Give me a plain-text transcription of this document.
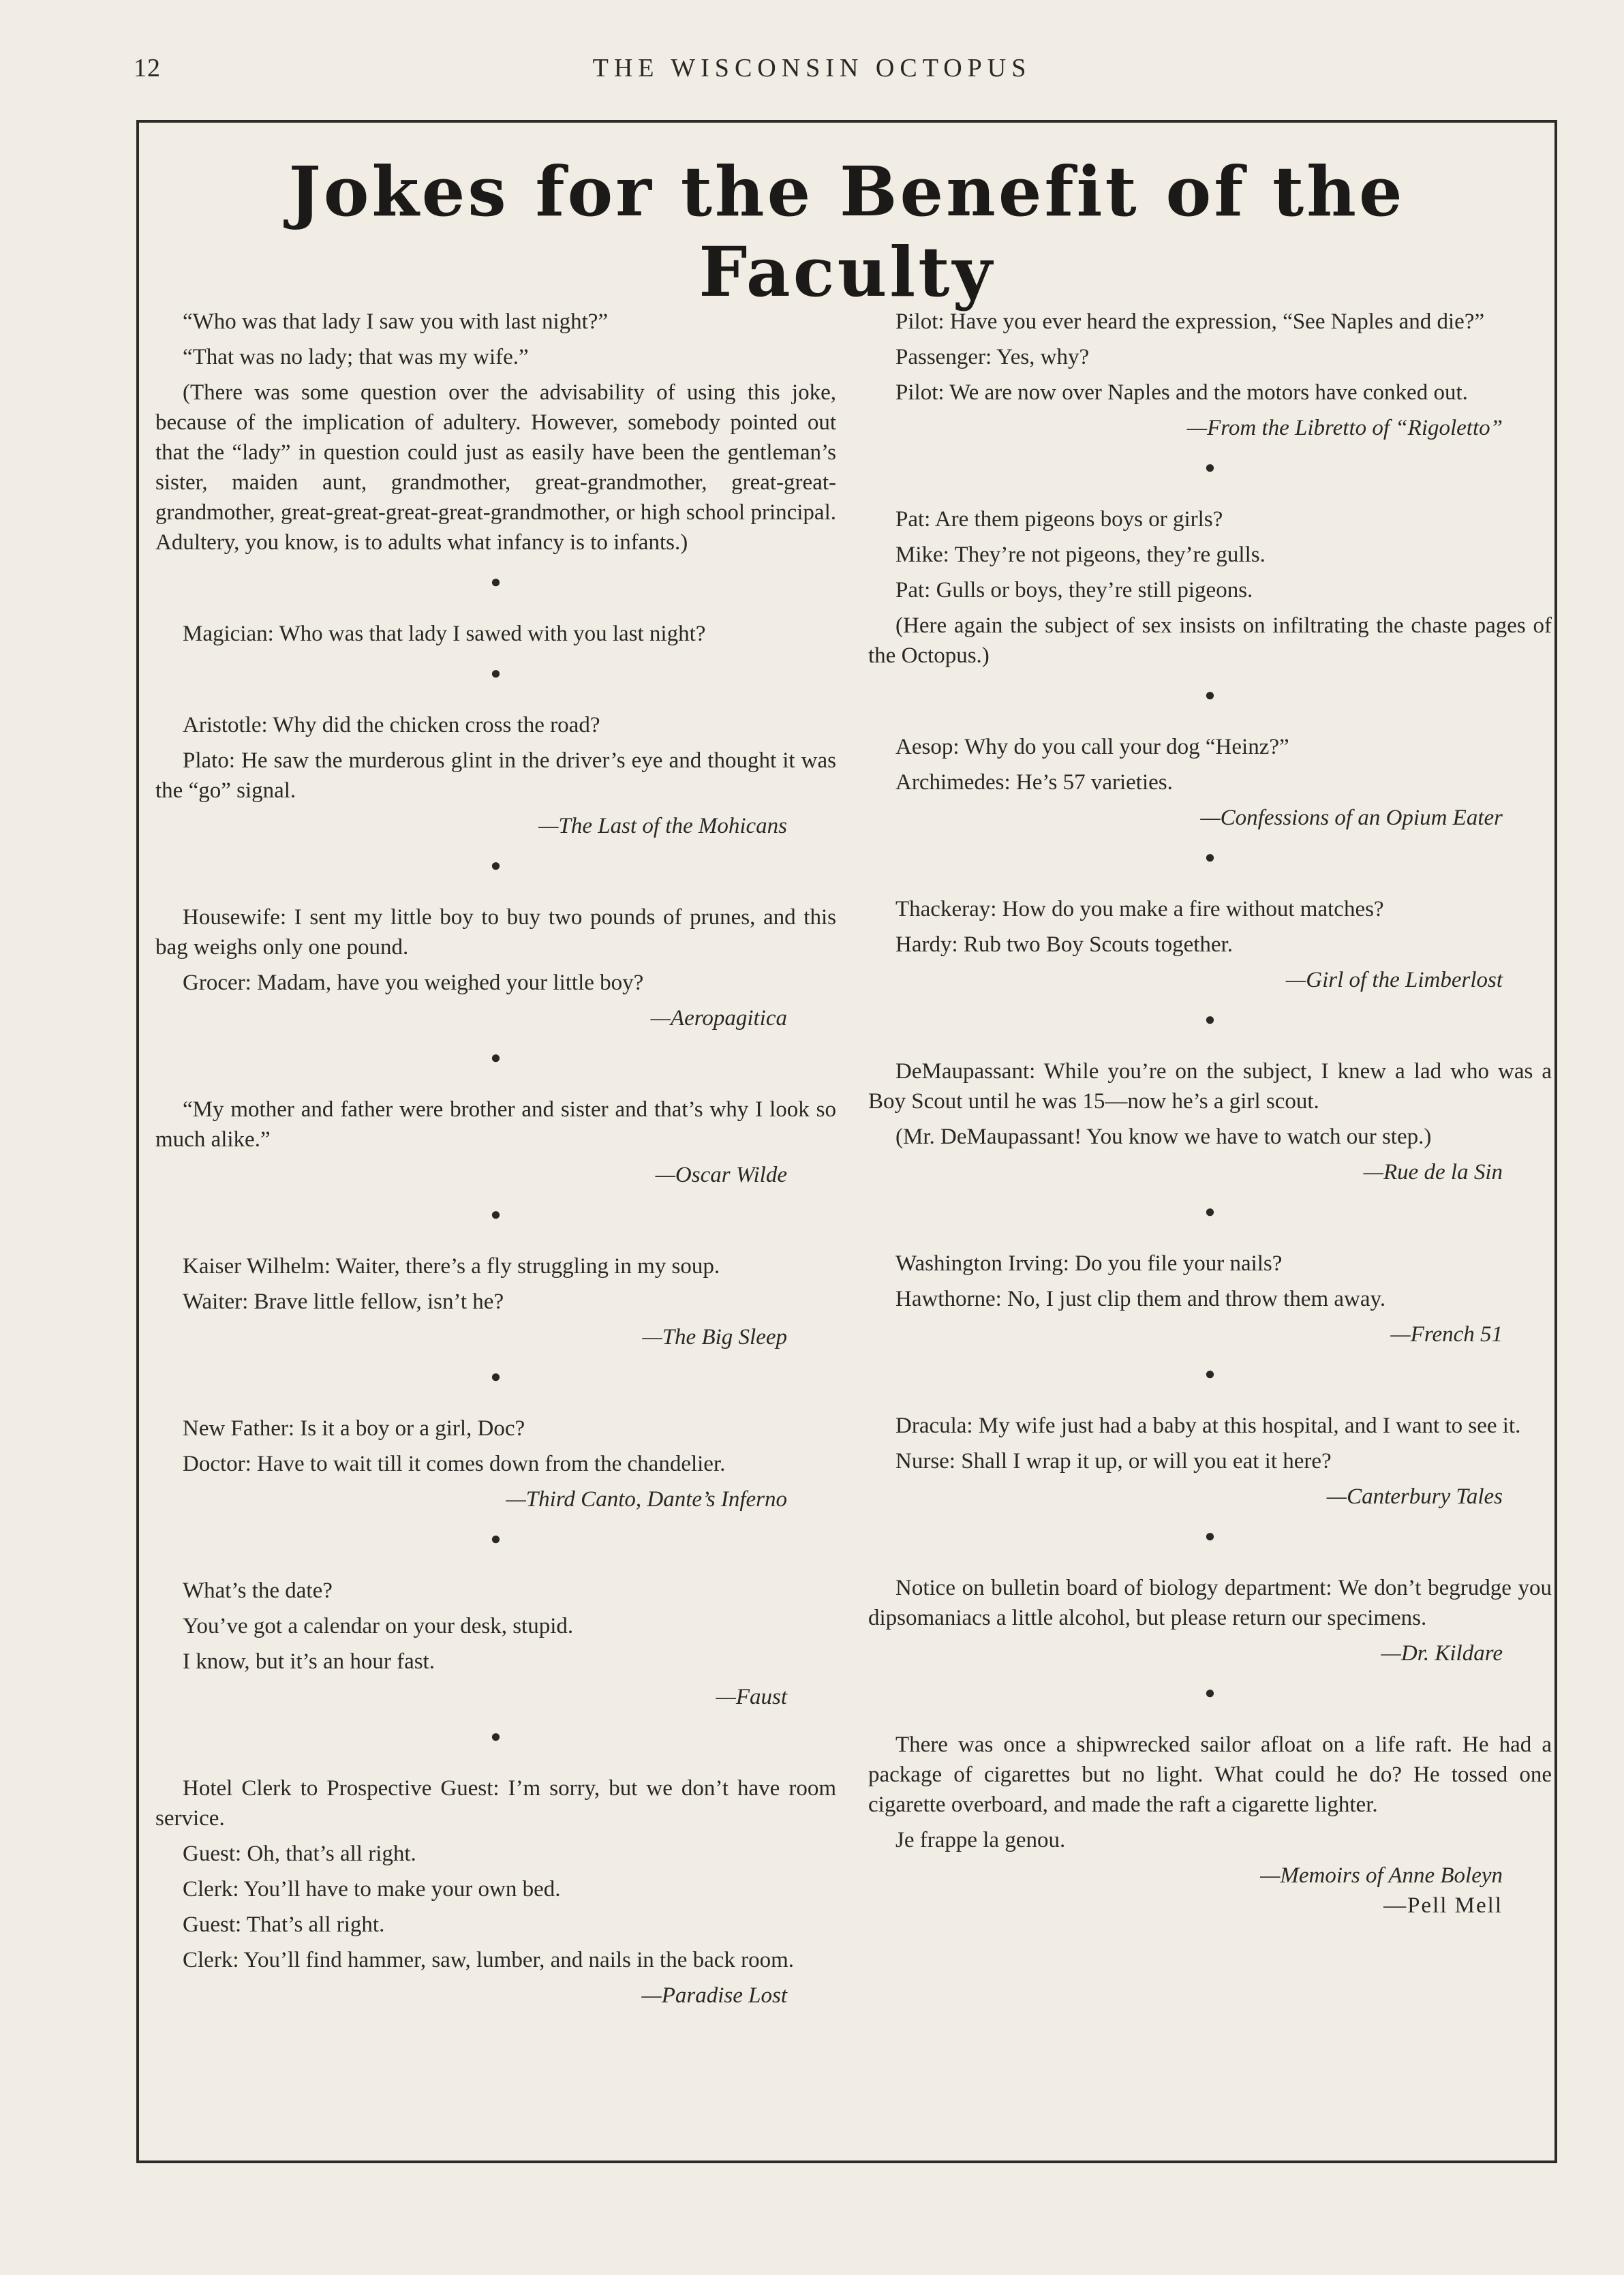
12	THE WISCONSIN OCTOPUS
Jokes for the Benefit of the Faculty

“Who was that lady I saw you with last night?”

“That was no lady; that was my wife.”

(There was some question over the advisability of using this joke, because of the implication of adultery. However, somebody pointed out that the “lady” in question could just as easily have been the gentleman’s sister, maiden aunt, grandmother, great-grandmother, great-great-grandmother, great-great-great-great-grandmother, or high school principal. Adultery, you know, is to adults what infancy is to infants.)

●

Magician: Who was that lady I sawed with you last night?

●

Aristotle: Why did the chicken cross the road?

Plato: He saw the murderous glint in the driver’s eye and thought it was the “go” signal.

—The Last of the Mohicans

●

Housewife: I sent my little boy to buy two pounds of prunes, and this bag weighs only one pound.

Grocer: Madam, have you weighed your little boy?

—Aeropagitica

●

“My mother and father were brother and sister and that’s why I look so much alike.”

—Oscar Wilde

●

Kaiser Wilhelm: Waiter, there’s a fly struggling in my soup.

Waiter: Brave little fellow, isn’t he?

—The Big Sleep

●

New Father: Is it a boy or a girl, Doc?

Doctor: Have to wait till it comes down from the chandelier.

—Third Canto, Dante’s Inferno

●

What’s the date?

You’ve got a calendar on your desk, stupid.

I know, but it’s an hour fast.

—Faust

●

Hotel Clerk to Prospective Guest: I’m sorry, but we don’t have room service.

Guest: Oh, that’s all right.

Clerk: You’ll have to make your own bed.

Guest: That’s all right.

Clerk: You’ll find hammer, saw, lumber, and nails in the back room.

—Paradise Lost

Pilot: Have you ever heard the expression, “See Naples and die?”

Passenger: Yes, why?

Pilot: We are now over Naples and the motors have conked out.

—From the Libretto of “Rigoletto”

●

Pat: Are them pigeons boys or girls?

Mike: They’re not pigeons, they’re gulls.

Pat: Gulls or boys, they’re still pigeons.

(Here again the subject of sex insists on infiltrating the chaste pages of the Octopus.)

●

Aesop: Why do you call your dog “Heinz?”

Archimedes: He’s 57 varieties.

—Confessions of an Opium Eater

●

Thackeray: How do you make a fire without matches?

Hardy: Rub two Boy Scouts together.

—Girl of the Limberlost

●

DeMaupassant: While you’re on the subject, I knew a lad who was a Boy Scout until he was 15—now he’s a girl scout.

(Mr. DeMaupassant! You know we have to watch our step.)

—Rue de la Sin

●

Washington Irving: Do you file your nails?

Hawthorne: No, I just clip them and throw them away.

—French 51

●

Dracula: My wife just had a baby at this hospital, and I want to see it.

Nurse: Shall I wrap it up, or will you eat it here?

—Canterbury Tales

●

Notice on bulletin board of biology department: We don’t begrudge you dipsomaniacs a little alcohol, but please return our specimens.

—Dr. Kildare

●

There was once a shipwrecked sailor afloat on a life raft. He had a package of cigarettes but no light. What could he do? He tossed one cigarette overboard, and made the raft a cigarette lighter.

Je frappe la genou.

—Memoirs of Anne Boleyn

—Pell Mell
